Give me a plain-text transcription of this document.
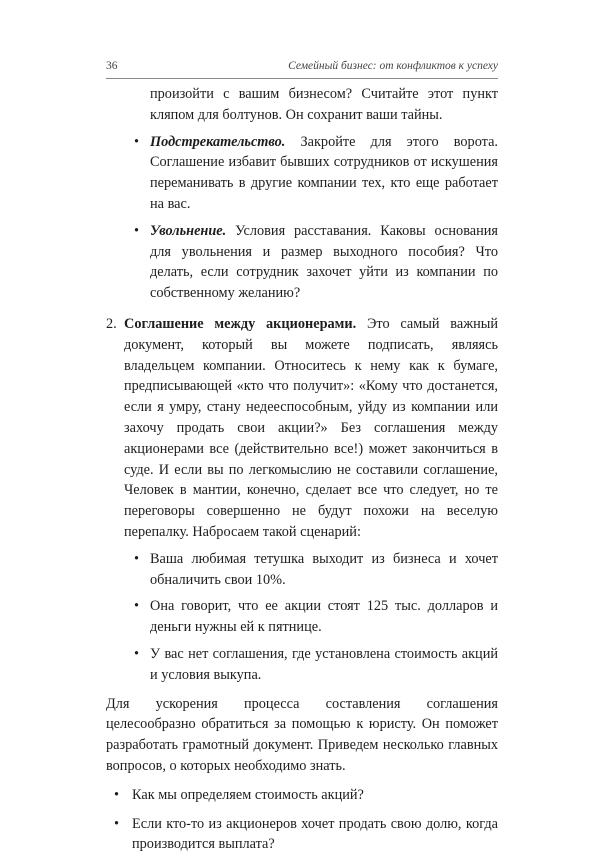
36	Семейный бизнес: от конфликтов к успеху

произойти с вашим бизнесом? Считайте этот пункт кляпом для болтунов. Он сохранит ваши тайны.

• Подстрекательство. Закройте для этого ворота. Соглашение избавит бывших сотрудников от искушения переманивать в другие компании тех, кто еще работает на вас.
• Увольнение. Условия расставания. Каковы основания для увольнения и размер выходного пособия? Что делать, если сотрудник захочет уйти из компании по собственному желанию?
2. Соглашение между акционерами. Это самый важный документ, который вы можете подписать, являясь владельцем компании. Относитесь к нему как к бумаге, предписывающей «кто что получит»: «Кому что достанется, если я умру, стану недееспособным, уйду из компании или захочу продать свои акции?» Без соглашения между акционерами все (действительно все!) может закончиться в суде. И если вы по легкомыслию не составили соглашение, Человек в мантии, конечно, сделает все что следует, но те переговоры совершенно не будут похожи на веселую перепалку. Набросаем такой сценарий:
• Ваша любимая тетушка выходит из бизнеса и хочет обналичить свои 10%.
• Она говорит, что ее акции стоят 125 тыс. долларов и деньги нужны ей к пятнице.
• У вас нет соглашения, где установлена стоимость акций и условия выкупа.

Для ускорения процесса составления соглашения целесообразно обратиться за помощью к юристу. Он поможет разработать грамотный документ. Приведем несколько главных вопросов, о которых необходимо знать.

• Как мы определяем стоимость акций?
• Если кто-то из акционеров хочет продать свою долю, когда производится выплата?
